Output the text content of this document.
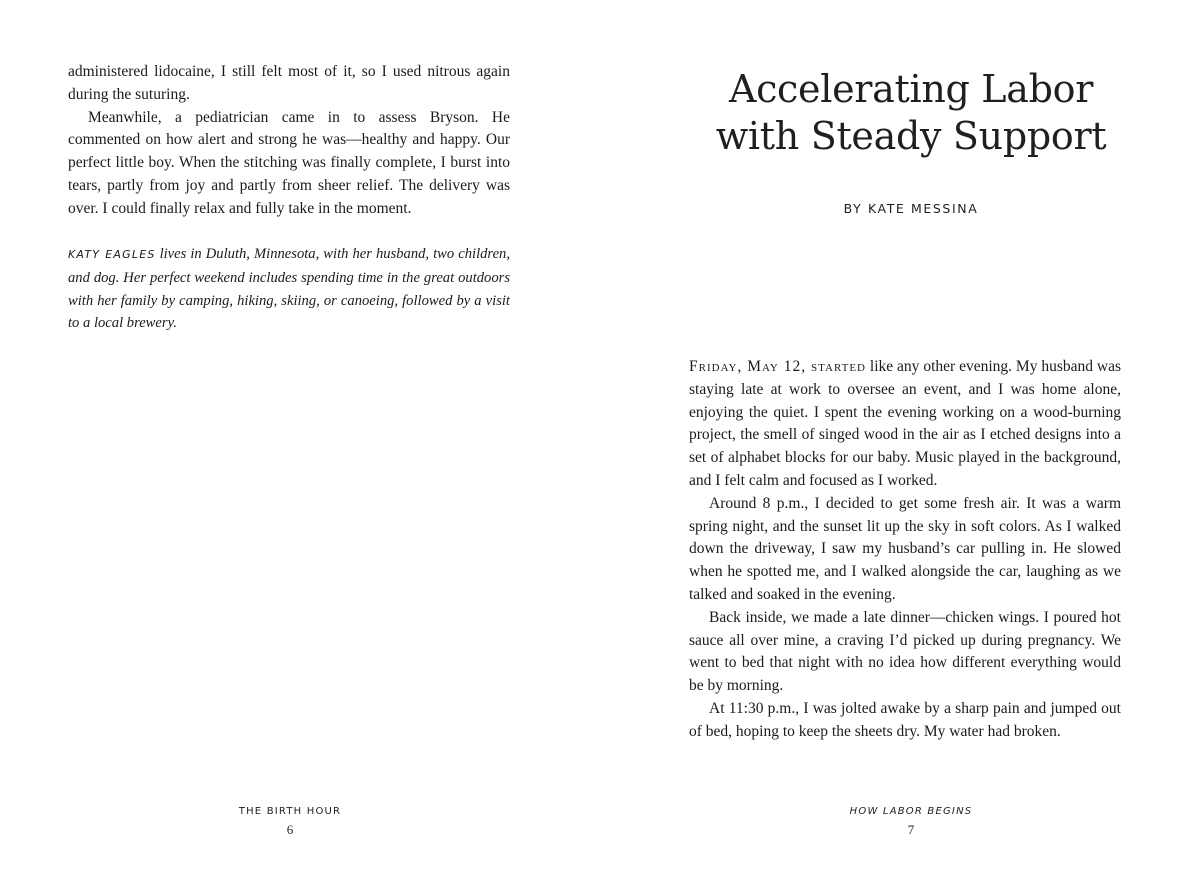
administered lidocaine, I still felt most of it, so I used nitrous again during the suturing.

Meanwhile, a pediatrician came in to assess Bryson. He commented on how alert and strong he was—healthy and happy. Our perfect little boy. When the stitching was finally complete, I burst into tears, partly from joy and partly from sheer relief. The delivery was over. I could finally relax and fully take in the moment.

KATY EAGLES lives in Duluth, Minnesota, with her husband, two children, and dog. Her perfect weekend includes spending time in the great outdoors with her family by camping, hiking, skiing, or canoeing, followed by a visit to a local brewery.

THE BIRTH HOUR
6
Accelerating Labor
with Steady Support
BY KATE MESSINA

Friday, May 12, started like any other evening. My husband was staying late at work to oversee an event, and I was home alone, enjoying the quiet. I spent the evening working on a wood-burning project, the smell of singed wood in the air as I etched designs into a set of alphabet blocks for our baby. Music played in the background, and I felt calm and focused as I worked.

Around 8 p.m., I decided to get some fresh air. It was a warm spring night, and the sunset lit up the sky in soft colors. As I walked down the driveway, I saw my husband’s car pulling in. He slowed when he spotted me, and I walked alongside the car, laughing as we talked and soaked in the evening.

Back inside, we made a late dinner—chicken wings. I poured hot sauce all over mine, a craving I’d picked up during pregnancy. We went to bed that night with no idea how different everything would be by morning.

At 11:30 p.m., I was jolted awake by a sharp pain and jumped out of bed, hoping to keep the sheets dry. My water had broken.

HOW LABOR BEGINS
7
